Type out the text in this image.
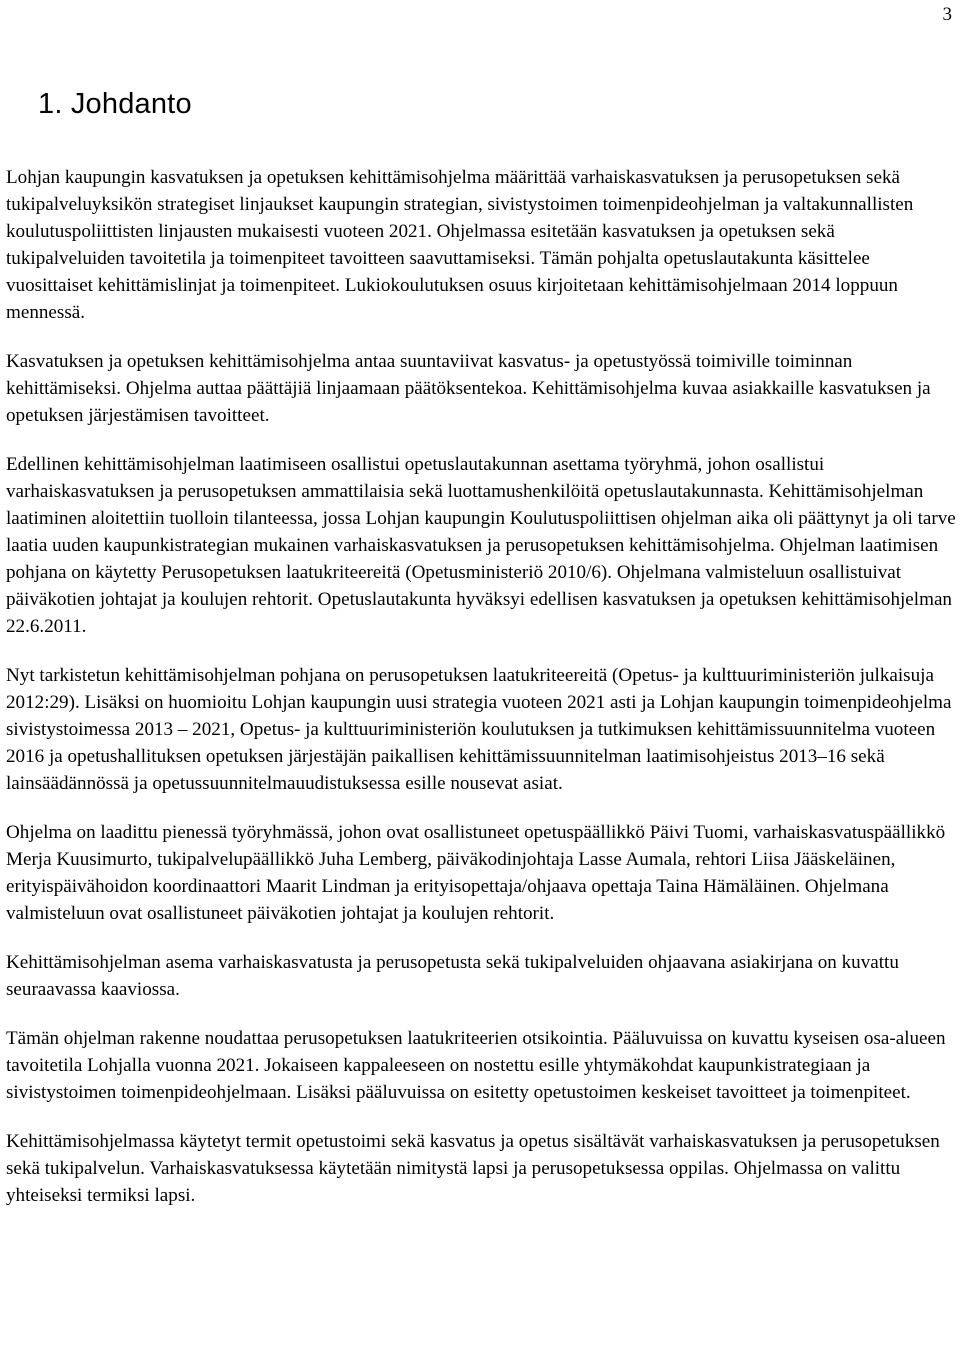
3
1. Johdanto

Lohjan kaupungin kasvatuksen ja opetuksen kehittämisohjelma määrittää varhaiskasvatuksen ja perusopetuksen sekä tukipalveluyksikön strategiset linjaukset kaupungin strategian, sivistystoimen toimenpideohjelman ja valtakunnallisten koulutuspoliittisten linjausten mukaisesti vuoteen 2021. Ohjelmassa esitetään kasvatuksen ja opetuksen sekä tukipalveluiden tavoitetila ja toimenpiteet tavoitteen saavuttamiseksi. Tämän pohjalta opetuslautakunta käsittelee vuosittaiset kehittämislinjat ja toimenpiteet. Lukiokoulutuksen osuus kirjoitetaan kehittämisohjelmaan 2014 loppuun mennessä.

Kasvatuksen ja opetuksen kehittämisohjelma antaa suuntaviivat kasvatus- ja opetustyössä toimiville toiminnan kehittämiseksi. Ohjelma auttaa päättäjiä linjaamaan päätöksentekoa. Kehittämisohjelma kuvaa asiakkaille kasvatuksen ja opetuksen järjestämisen tavoitteet.

Edellinen kehittämisohjelman laatimiseen osallistui opetuslautakunnan asettama työryhmä, johon osallistui varhaiskasvatuksen ja perusopetuksen ammattilaisia sekä luottamushenkilöitä opetuslautakunnasta. Kehittämisohjelman laatiminen aloitettiin tuolloin tilanteessa, jossa Lohjan kaupungin Koulutuspoliittisen ohjelman aika oli päättynyt ja oli tarve laatia uuden kaupunkistrategian mukainen varhaiskasvatuksen ja perusopetuksen kehittämisohjelma. Ohjelman laatimisen pohjana on käytetty Perusopetuksen laatukriteereitä (Opetusministeriö 2010/6). Ohjelmana valmisteluun osallistuivat päiväkotien johtajat ja koulujen rehtorit. Opetuslautakunta hyväksyi edellisen kasvatuksen ja opetuksen kehittämisohjelman 22.6.2011.

Nyt tarkistetun kehittämisohjelman pohjana on perusopetuksen laatukriteereitä (Opetus- ja kulttuuriministeriön julkaisuja 2012:29). Lisäksi on huomioitu Lohjan kaupungin uusi strategia vuoteen 2021 asti ja Lohjan kaupungin toimenpideohjelma sivistystoimessa 2013 – 2021, Opetus- ja kulttuuriministeriön koulutuksen ja tutkimuksen kehittämissuunnitelma vuoteen 2016 ja opetushallituksen opetuksen järjestäjän paikallisen kehittämissuunnitelman laatimisohjeistus 2013–16 sekä lainsäädännössä ja opetussuunnitelmauudistuksessa esille nousevat asiat.

Ohjelma on laadittu pienessä työryhmässä, johon ovat osallistuneet opetuspäällikkö Päivi Tuomi, varhaiskasvatuspäällikkö Merja Kuusimurto, tukipalvelupäällikkö Juha Lemberg, päiväkodinjohtaja Lasse Aumala, rehtori Liisa Jääskeläinen, erityispäivähoidon koordinaattori Maarit Lindman ja erityisopettaja/ohjaava opettaja Taina Hämäläinen. Ohjelmana valmisteluun ovat osallistuneet päiväkotien johtajat ja koulujen rehtorit.

Kehittämisohjelman asema varhaiskasvatusta ja perusopetusta sekä tukipalveluiden ohjaavana asiakirjana on kuvattu seuraavassa kaaviossa.

Tämän ohjelman rakenne noudattaa perusopetuksen laatukriteerien otsikointia. Pääluvuissa on kuvattu kyseisen osa-alueen tavoitetila Lohjalla vuonna 2021. Jokaiseen kappaleeseen on nostettu esille yhtymäkohdat kaupunkistrategiaan ja sivistystoimen toimenpideohjelmaan. Lisäksi pääluvuissa on esitetty opetustoimen keskeiset tavoitteet ja toimenpiteet.

Kehittämisohjelmassa käytetyt termit opetustoimi sekä kasvatus ja opetus sisältävät varhaiskasvatuksen ja perusopetuksen sekä tukipalvelun. Varhaiskasvatuksessa käytetään nimitystä lapsi ja perusopetuksessa oppilas. Ohjelmassa on valittu yhteiseksi termiksi lapsi.
